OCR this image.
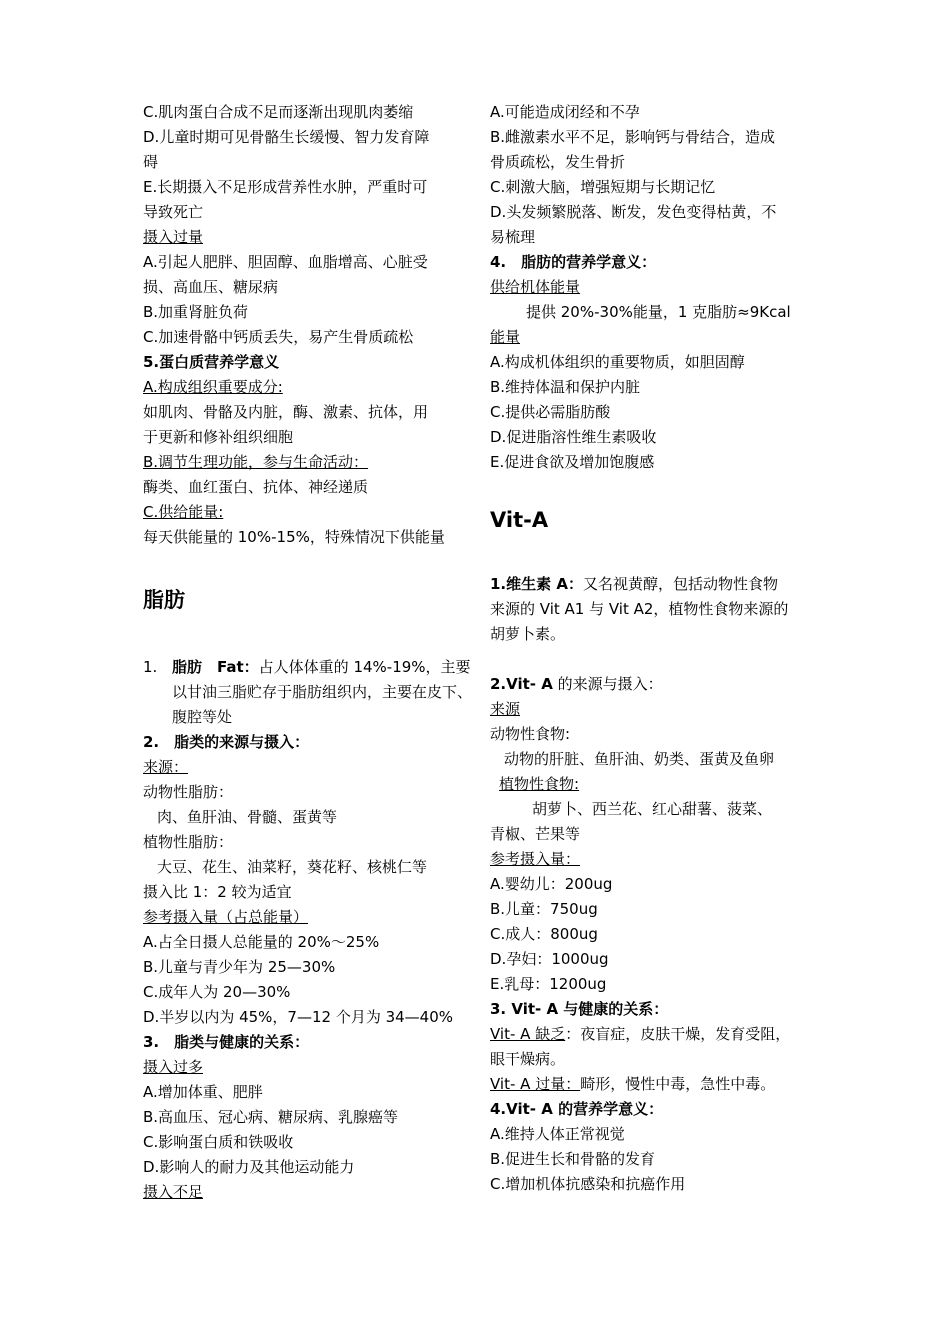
C.肌肉蛋白合成不足而逐渐出现肌肉萎缩
D.儿童时期可见骨骼生长缓慢、智力发育障
碍
E.长期摄入不足形成营养性水肿，严重时可
导致死亡
摄入过量
A.引起人肥胖、胆固醇、血脂增高、心脏受
损、高血压、糖尿病
B.加重肾脏负荷
C.加速骨骼中钙质丢失，易产生骨质疏松
5.蛋白质营养学意义
A.构成组织重要成分:
如肌肉、骨骼及内脏，酶、激素、抗体，用
于更新和修补组织细胞
B.调节生理功能，参与生命活动：
酶类、血红蛋白、抗体、神经递质
C.供给能量:
每天供能量的 10%-15%，特殊情况下供能量
脂肪
1. 脂肪　Fat：占人体体重的 14%-19%，主要以甘油三脂贮存于脂肪组织内，主要在皮下、腹腔等处
2.　脂类的来源与摄入：
来源：
动物性脂肪：
肉、鱼肝油、骨髓、蛋黄等
植物性脂肪：
大豆、花生、油菜籽，葵花籽、核桃仁等
摄入比 1：2 较为适宜
参考摄入量（占总能量）
A.占全日摄人总能量的 20%～25%
B.儿童与青少年为 25—30%
C.成年人为 20—30%
D.半岁以内为 45%，7—12 个月为 34—40%
3.　脂类与健康的关系：
摄入过多
A.增加体重、肥胖
B.高血压、冠心病、糖尿病、乳腺癌等
C.影响蛋白质和铁吸收
D.影响人的耐力及其他运动能力
摄入不足
A.可能造成闭经和不孕
B.雌激素水平不足，影响钙与骨结合，造成
骨质疏松，发生骨折
C.刺激大脑，增强短期与长期记忆
D.头发频繁脱落、断发，发色变得枯黄，不
易梳理
4.　脂肪的营养学意义：
供给机体能量
提供 20%-30%能量，1 克脂肪≈9Kcal
能量
A.构成机体组织的重要物质，如胆固醇
B.维持体温和保护内脏
C.提供必需脂肪酸
D.促进脂溶性维生素吸收
E.促进食欲及增加饱腹感
Vit-A
1.维生素 A：又名视黄醇，包括动物性食物
来源的 Vit A1 与 Vit A2，植物性食物来源的
胡萝卜素。
2.Vit- A 的来源与摄入：
来源
动物性食物:
动物的肝脏、鱼肝油、奶类、蛋黄及鱼卵
植物性食物:
胡萝卜、西兰花、红心甜薯、菠菜、
青椒、芒果等
参考摄入量：
A.婴幼儿：200ug
B.儿童：750ug
C.成人：800ug
D.孕妇：1000ug
E.乳母：1200ug
3. Vit- A 与健康的关系：
Vit- A 缺乏：夜盲症，皮肤干燥，发育受阻，
眼干燥病。
Vit- A 过量：畸形，慢性中毒，急性中毒。
4.Vit- A 的营养学意义：
A.维持人体正常视觉
B.促进生长和骨骼的发育
C.增加机体抗感染和抗癌作用
